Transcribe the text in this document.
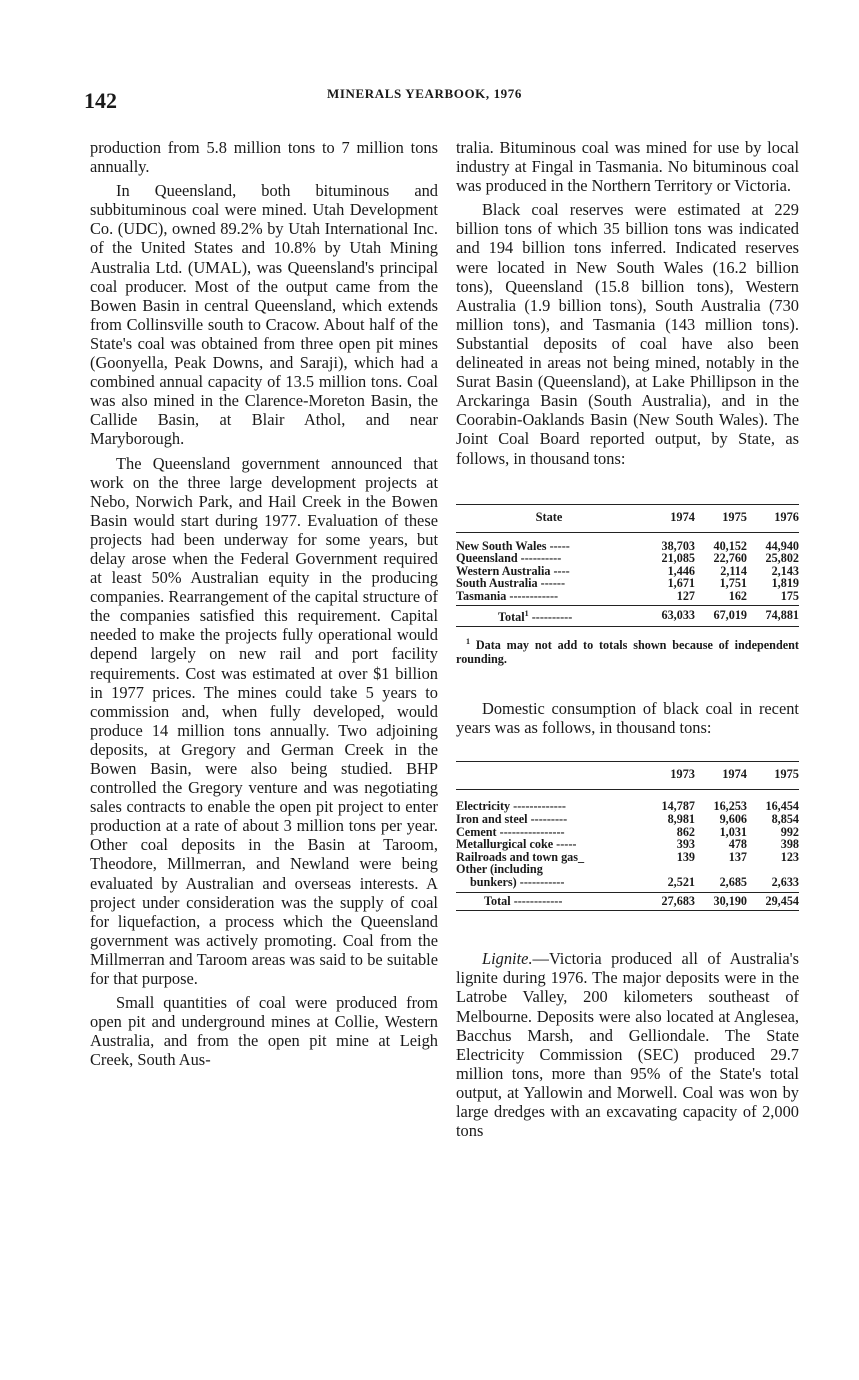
142	MINERALS YEARBOOK, 1976

production from 5.8 million tons to 7 million tons annually.

In Queensland, both bituminous and subbituminous coal were mined. Utah Development Co. (UDC), owned 89.2% by Utah International Inc. of the United States and 10.8% by Utah Mining Australia Ltd. (UMAL), was Queensland's principal coal producer. Most of the output came from the Bowen Basin in central Queensland, which extends from Collinsville south to Cracow. About half of the State's coal was obtained from three open pit mines (Goonyella, Peak Downs, and Saraji), which had a combined annual capacity of 13.5 million tons. Coal was also mined in the Clarence-Moreton Basin, the Callide Basin, at Blair Athol, and near Maryborough.

The Queensland government announced that work on the three large development projects at Nebo, Norwich Park, and Hail Creek in the Bowen Basin would start during 1977. Evaluation of these projects had been underway for some years, but delay arose when the Federal Government required at least 50% Australian equity in the producing companies. Rearrangement of the capital structure of the companies satisfied this requirement. Capital needed to make the projects fully operational would depend largely on new rail and port facility requirements. Cost was estimated at over $1 billion in 1977 prices. The mines could take 5 years to commission and, when fully developed, would produce 14 million tons annually. Two adjoining deposits, at Gregory and German Creek in the Bowen Basin, were also being studied. BHP controlled the Gregory venture and was negotiating sales contracts to enable the open pit project to enter production at a rate of about 3 million tons per year. Other coal deposits in the Basin at Taroom, Theodore, Millmerran, and Newland were being evaluated by Australian and overseas interests. A project under consideration was the supply of coal for liquefaction, a process which the Queensland government was actively promoting. Coal from the Millmerran and Taroom areas was said to be suitable for that purpose.

Small quantities of coal were produced from open pit and underground mines at Collie, Western Australia, and from the open pit mine at Leigh Creek, South Aus-

tralia. Bituminous coal was mined for use by local industry at Fingal in Tasmania. No bituminous coal was produced in the Northern Territory or Victoria.

Black coal reserves were estimated at 229 billion tons of which 35 billion tons was indicated and 194 billion tons inferred. Indicated reserves were located in New South Wales (16.2 billion tons), Queensland (15.8 billion tons), Western Australia (1.9 billion tons), South Australia (730 million tons), and Tasmania (143 million tons). Substantial deposits of coal have also been delineated in areas not being mined, notably in the Surat Basin (Queensland), at Lake Phillipson in the Arckaringa Basin (South Australia), and in the Coorabin-Oaklands Basin (New South Wales). The Joint Coal Board reported output, by State, as follows, in thousand tons:

State	1974	1975	1976
New South Wales -----	38,703	40,152	44,940
Queensland ----------	21,085	22,760	25,802
Western Australia ----	1,446	2,114	2,143
South Australia ------	1,671	1,751	1,819
Tasmania ------------	127	162	175
Total$^1$ ----------	63,033	67,019	74,881
$^1$ Data may not add to totals shown because of independent rounding.

Domestic consumption of black coal in recent years was as follows, in thousand tons:

	1973	1974	1975
Electricity -------------	14,787	16,253	16,454
Iron and steel ---------	8,981	9,606	8,854
Cement ----------------	862	1,031	992
Metallurgical coke -----	393	478	398
Railroads and town gas_	139	137	123
Other (including			
bunkers) -----------	2,521	2,685	2,633
Total ------------	27,683	30,190	29,454

Lignite.—Victoria produced all of Australia's lignite during 1976. The major deposits were in the Latrobe Valley, 200 kilometers southeast of Melbourne. Deposits were also located at Anglesea, Bacchus Marsh, and Gelliondale. The State Electricity Commission (SEC) produced 29.7 million tons, more than 95% of the State's total output, at Yallowin and Morwell. Coal was won by large dredges with an excavating capacity of 2,000 tons
